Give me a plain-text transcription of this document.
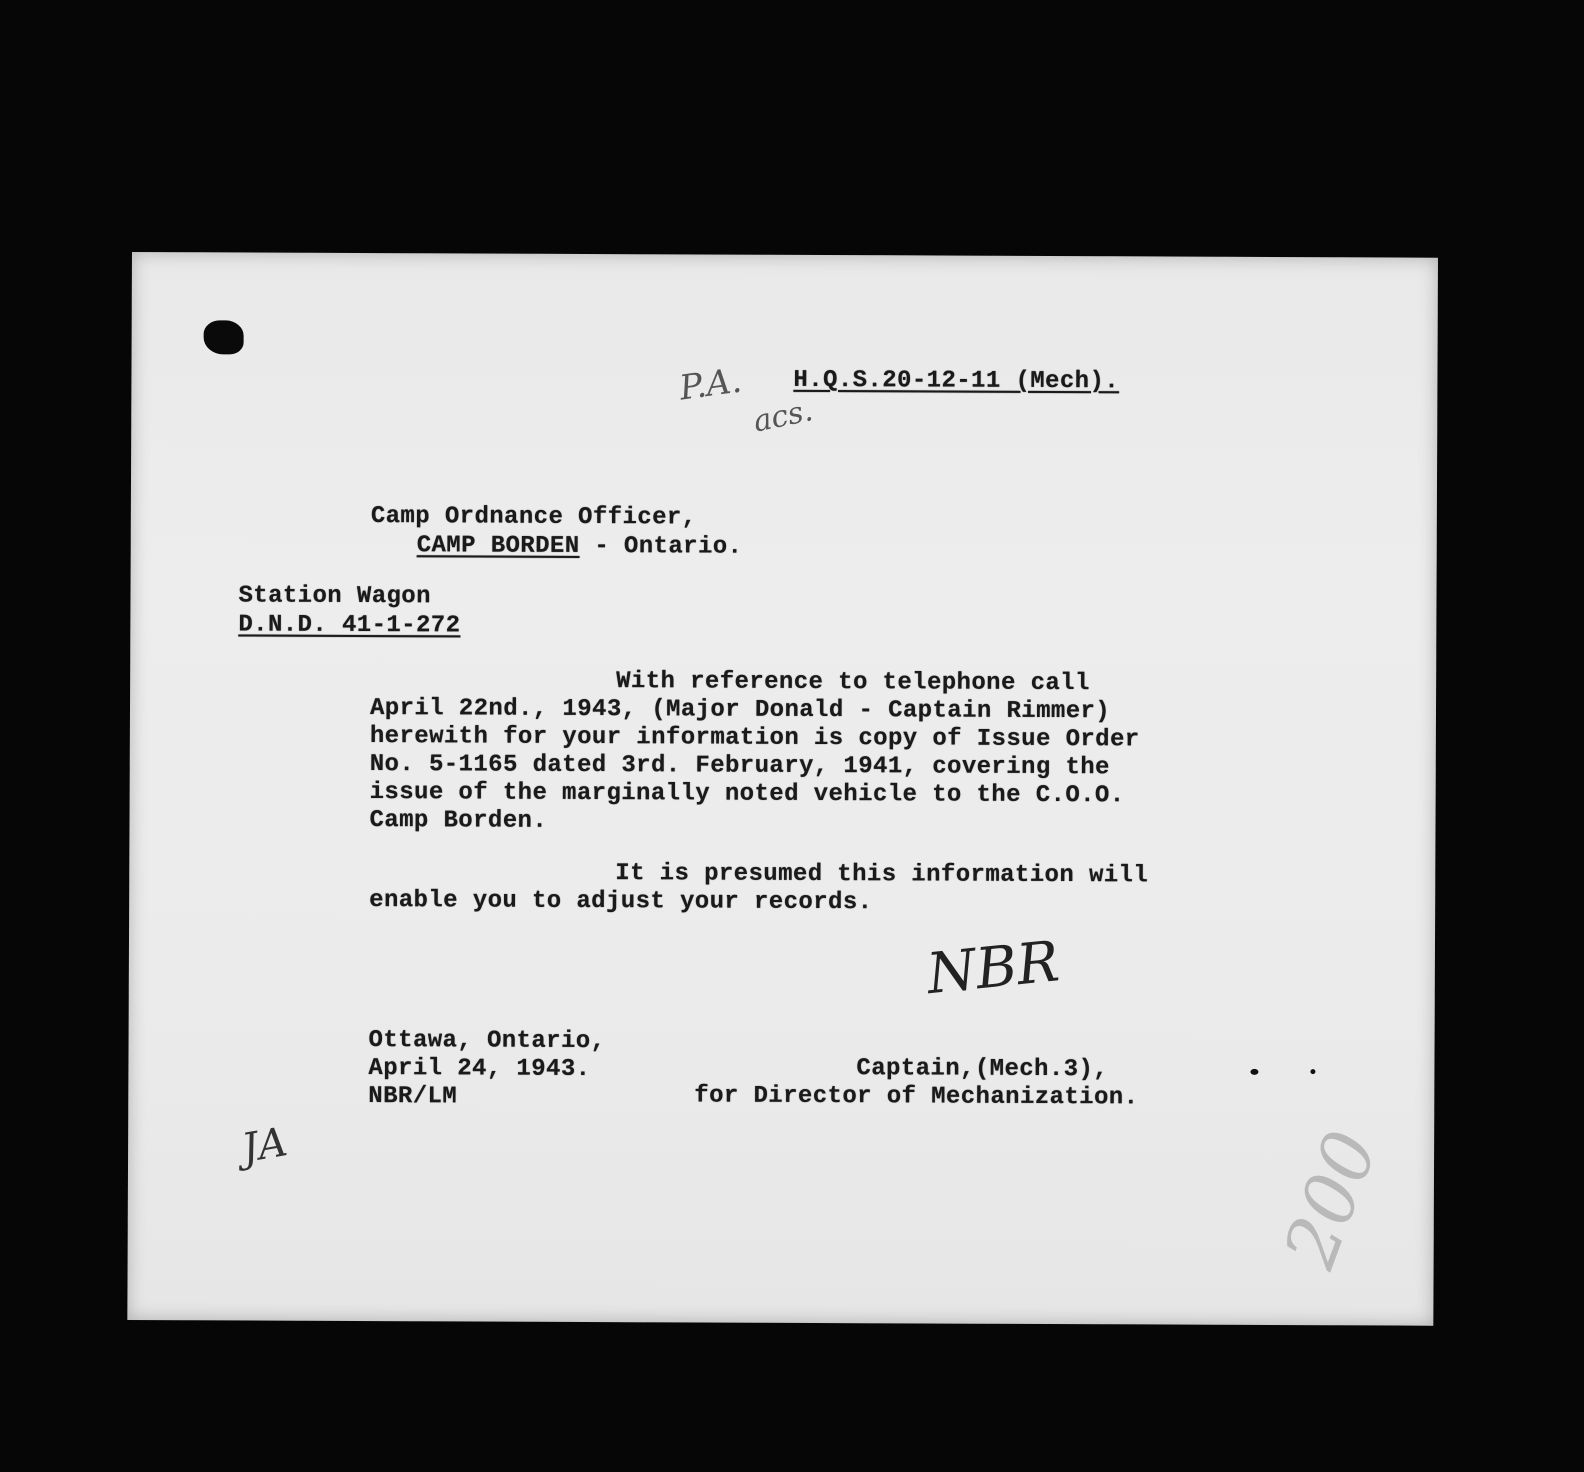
P.A.
acs.
H.Q.S.20-12-11 (Mech).
Camp Ordnance Officer,
CAMP BORDEN - Ontario.
Station Wagon
D.N.D. 41-1-272
With reference to telephone call
April 22nd., 1943, (Major Donald - Captain Rimmer)
herewith for your information is copy of Issue Order
No. 5-1165 dated 3rd. February, 1941, covering the
issue of the marginally noted vehicle to the C.O.O.
Camp Borden.
It is presumed this information will
enable you to adjust your records.
NBR
Ottawa, Ontario,
April 24, 1943.
NBR/LM
Captain,(Mech.3),
for Director of Mechanization.
JA	200
